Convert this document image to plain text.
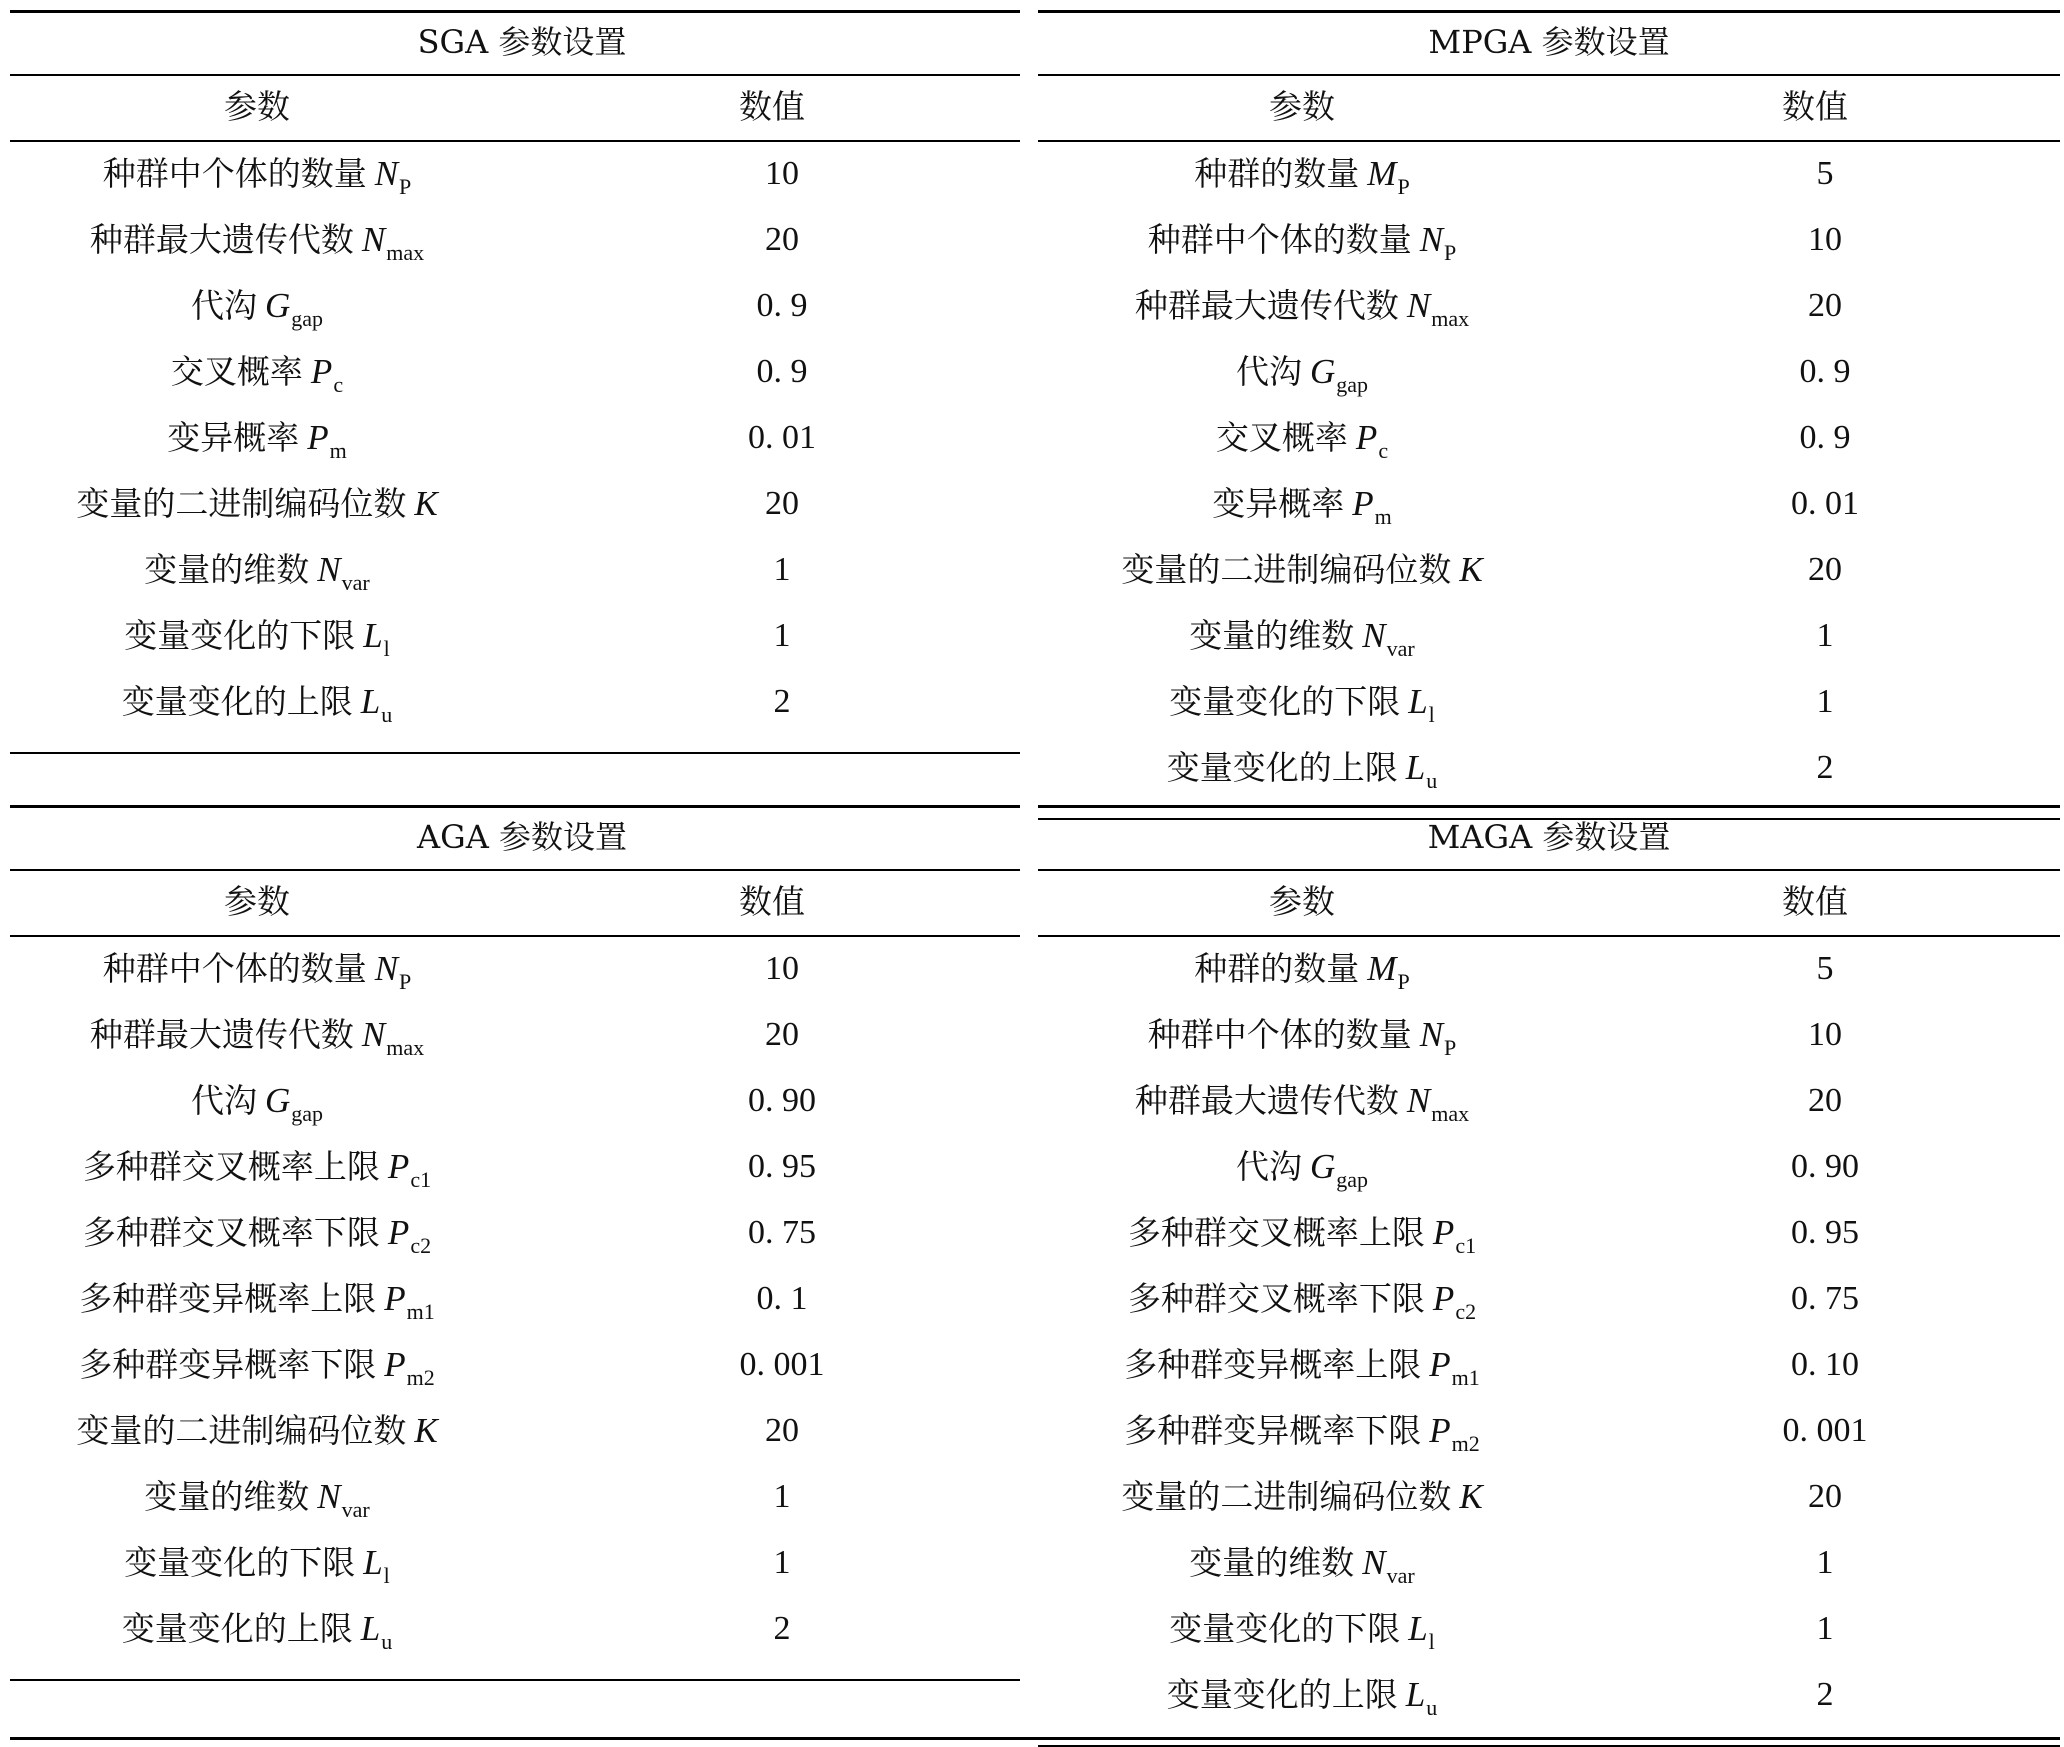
SGA 参数设置
参数	数值
种群中个体的数量 $N_P$	10
种群最大遗传代数 $N_{max}$	20
代沟 $G_{gap}$	0. 9
交叉概率 $P_c$	0. 9
变异概率 $P_m$	0. 01
变量的二进制编码位数 K	20
变量的维数 $N_{var}$	1
变量变化的下限 $L_l$	1
变量变化的上限 $L_u$	2
MPGA 参数设置
参数	数值
种群的数量 $M_P$	5
种群中个体的数量 $N_P$	10
种群最大遗传代数 $N_{max}$	20
代沟 $G_{gap}$	0. 9
交叉概率 $P_c$	0. 9
变异概率 $P_m$	0. 01
变量的二进制编码位数 K	20
变量的维数 $N_{var}$	1
变量变化的下限 $L_l$	1
变量变化的上限 $L_u$	2
AGA 参数设置
参数	数值
种群中个体的数量 $N_P$	10
种群最大遗传代数 $N_{max}$	20
代沟 $G_{gap}$	0. 90
多种群交叉概率上限 $P_{c1}$	0. 95
多种群交叉概率下限 $P_{c2}$	0. 75
多种群变异概率上限 $P_{m1}$	0. 1
多种群变异概率下限 $P_{m2}$	0. 001
变量的二进制编码位数 K	20
变量的维数 $N_{var}$	1
变量变化的下限 $L_l$	1
变量变化的上限 $L_u$	2
MAGA 参数设置
参数	数值
种群的数量 $M_P$	5
种群中个体的数量 $N_P$	10
种群最大遗传代数 $N_{max}$	20
代沟 $G_{gap}$	0. 90
多种群交叉概率上限 $P_{c1}$	0. 95
多种群交叉概率下限 $P_{c2}$	0. 75
多种群变异概率上限 $P_{m1}$	0. 10
多种群变异概率下限 $P_{m2}$	0. 001
变量的二进制编码位数 K	20
变量的维数 $N_{var}$	1
变量变化的下限 $L_l$	1
变量变化的上限 $L_u$	2
